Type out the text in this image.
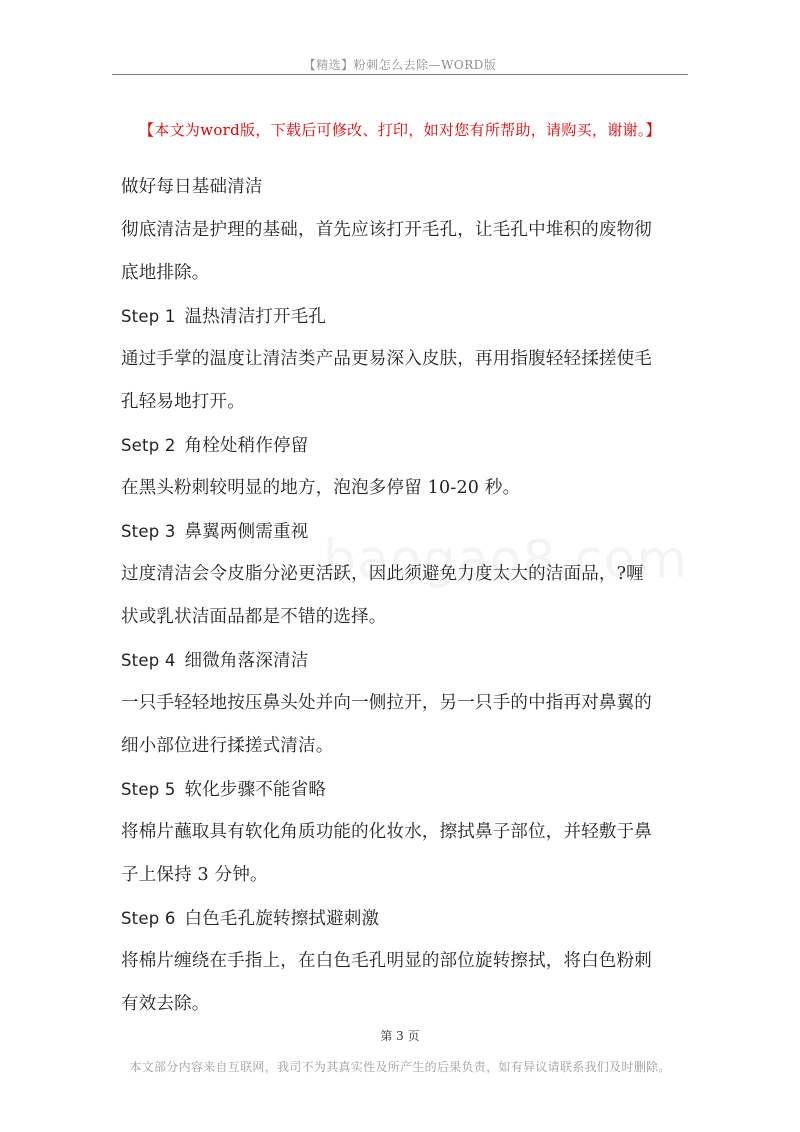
【精选】粉刺怎么去除—WORD版
【本文为word版，下载后可修改、打印，如对您有所帮助，请购买，谢谢。】
做好每日基础清洁
彻底清洁是护理的基础，首先应该打开毛孔，让毛孔中堆积的废物彻
底地排除。
Step 1 温热清洁打开毛孔
通过手掌的温度让清洁类产品更易深入皮肤，再用指腹轻轻揉搓使毛
孔轻易地打开。
Setp 2 角栓处稍作停留
在黑头粉刺较明显的地方，泡泡多停留 10-20 秒。
Step 3 鼻翼两侧需重视
过度清洁会令皮脂分泌更活跃，因此须避免力度太大的洁面品，?喱
状或乳状洁面品都是不错的选择。
Step 4 细微角落深清洁
一只手轻轻地按压鼻头处并向一侧拉开，另一只手的中指再对鼻翼的
细小部位进行揉搓式清洁。
Step 5 软化步骤不能省略
将棉片蘸取具有软化角质功能的化妆水，擦拭鼻子部位，并轻敷于鼻
子上保持 3 分钟。
Step 6 白色毛孔旋转擦拭避刺激
将棉片缠绕在手指上，在白色毛孔明显的部位旋转擦拭，将白色粉刺
有效去除。
第 3 页
本文部分内容来自互联网，我司不为其真实性及所产生的后果负责，如有异议请联系我们及时删除。
